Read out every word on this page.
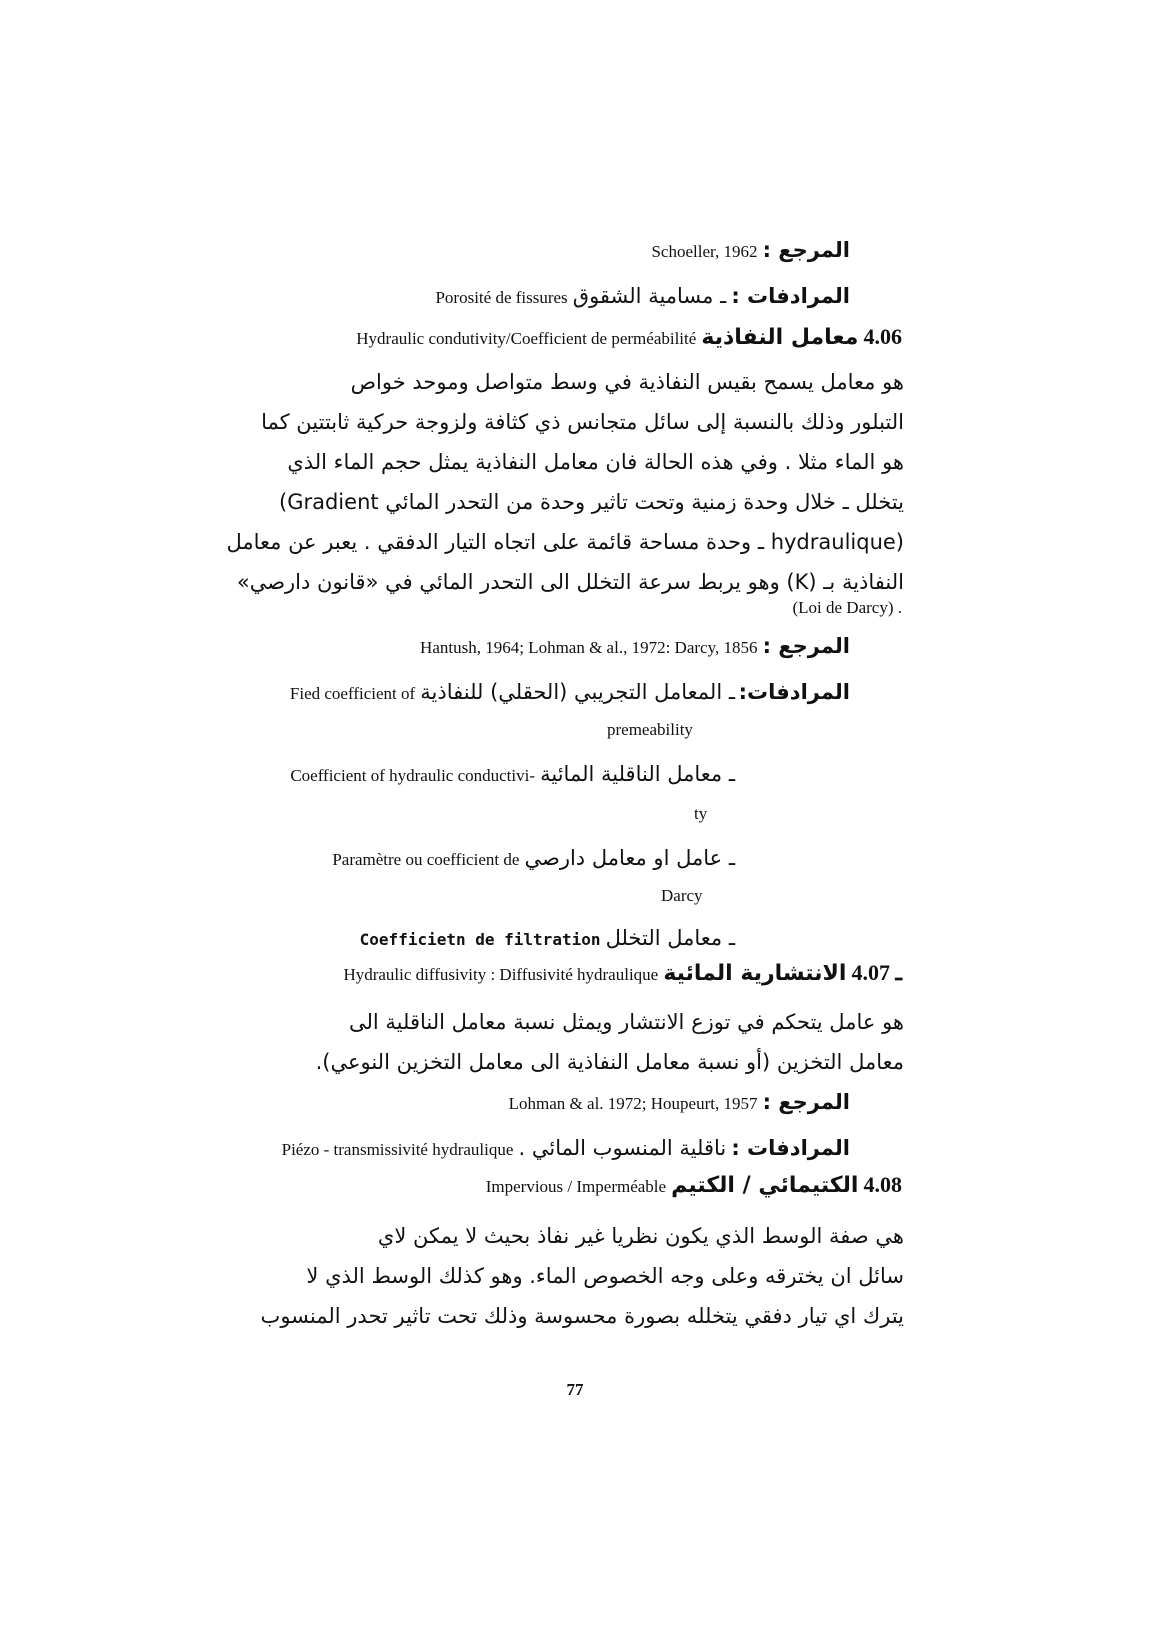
المرجع : Schoeller, 1962
المرادفات : ـ مسامية الشقوق Porosité de fissures
4.06 معامل النفاذية Hydraulic condutivity/Coefficient de perméabilité
هو معامل يسمح بقيس النفاذية في وسط متواصل وموحد خواص
التبلور وذلك بالنسبة إلى سائل متجانس ذي كثافة ولزوجة حركية ثابتتين كما
هو الماء مثلا . وفي هذه الحالة فان معامل النفاذية يمثل حجم الماء الذي
يتخلل ـ خلال وحدة زمنية وتحت تاثير وحدة من التحدر المائي Gradient)
(hydraulique ـ وحدة مساحة قائمة على اتجاه التيار الدفقي . يعبر عن معامل
النفاذية بـ (K) وهو يربط سرعة التخلل الى التحدر المائي في «قانون دارصي»
. (Loi de Darcy)
المرجع : Hantush, 1964; Lohman & al., 1972: Darcy, 1856
المرادفات:
ـ المعامل التجريبي (الحقلي) للنفاذية Fied coefficient of
premeability
ـ معامل الناقلية المائية Coefficient of hydraulic conductivi-
ty
ـ عامل او معامل دارصي Paramètre ou coefficient de
Darcy
ـ معامل التخلل Coefficietn de filtration
4.07 ـ الانتشارية المائية Hydraulic diffusivity : Diffusivité hydraulique
هو عامل يتحكم في توزع الانتشار ويمثل نسبة معامل الناقلية الى
معامل التخزين (أو نسبة معامل النفاذية الى معامل التخزين النوعي).
المرجع : Lohman & al. 1972; Houpeurt, 1957
المرادفات : ناقلية المنسوب المائي . Piézo - transmissivité hydraulique
4.08 الكتيمائي / الكتيم Impervious / Imperméable
هي صفة الوسط الذي يكون نظريا غير نفاذ بحيث لا يمكن لاي
سائل ان يخترقه وعلى وجه الخصوص الماء. وهو كذلك الوسط الذي لا
يترك اي تيار دفقي يتخلله بصورة محسوسة وذلك تحت تاثير تحدر المنسوب
77
